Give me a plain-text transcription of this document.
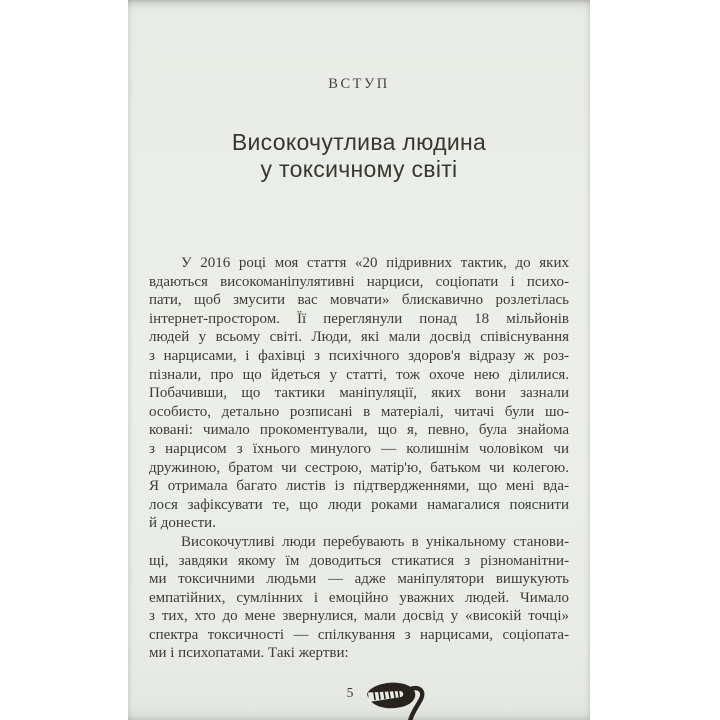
ВСТУП
Високочутлива людина
у токсичному світі

У 2016 році моя стаття «20 підривних тактик, до яких
вдаються високоманіпулятивні нарциси, соціопати і психо-
пати, щоб змусити вас мовчати» блискавично розлетілась
інтернет-простором. Її переглянули понад 18 мільйонів
людей у всьому світі. Люди, які мали досвід співіснування
з нарцисами, і фахівці з психічного здоров'я відразу ж роз-
пізнали, про що йдеться у статті, тож охоче нею ділилися.
Побачивши, що тактики маніпуляції, яких вони зазнали
особисто, детально розписані в матеріалі, читачі були шо-
ковані: чимало прокоментували, що я, певно, була знайома
з нарцисом з їхнього минулого — колишнім чоловіком чи
дружиною, братом чи сестрою, матір'ю, батьком чи колегою.
Я отримала багато листів із підтвердженнями, що мені вда-
лося зафіксувати те, що люди роками намагалися пояснити
й донести.

Високочутливі люди перебувають в унікальному станови-
щі, завдяки якому їм доводиться стикатися з різноманітни-
ми токсичними людьми — адже маніпулятори вишукують
емпатійних, сумлінних і емоційно уважних людей. Чимало
з тих, хто до мене звернулися, мали досвід у «високій точці»
спектра токсичності — спілкування з нарцисами, соціопата-
ми і психопатами. Такі жертви:

5
